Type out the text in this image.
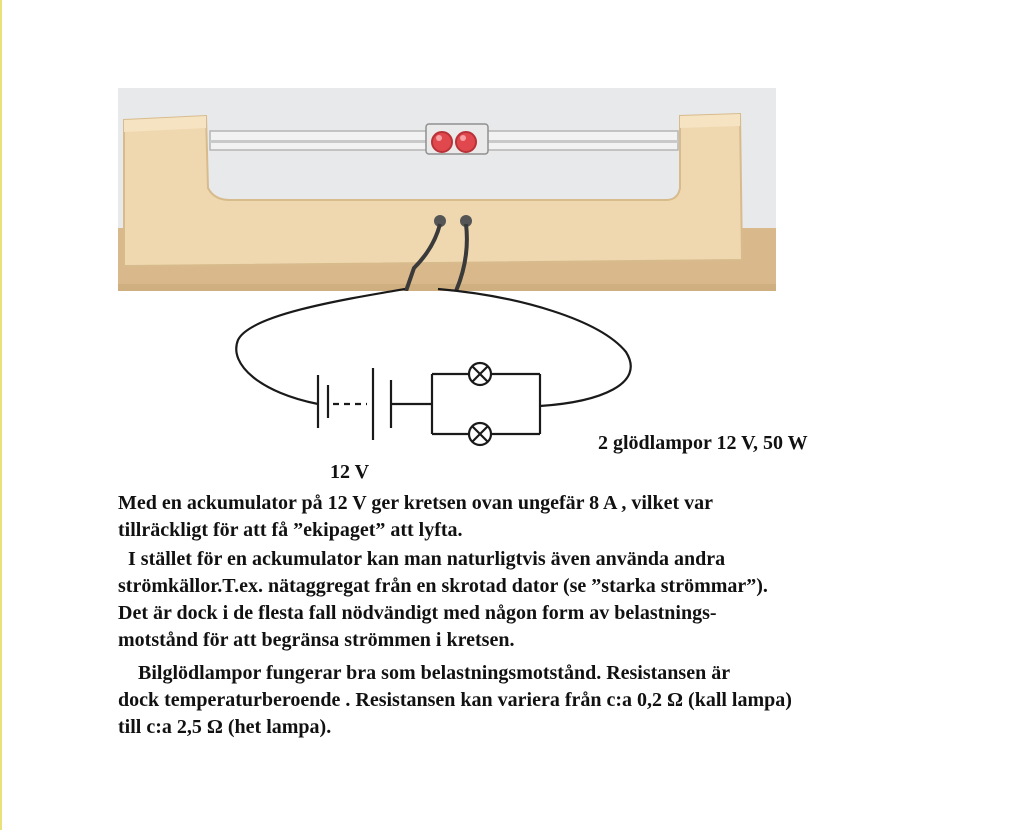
2 glödlampor 12 V, 50 W
12 V

Med en ackumulator på 12 V ger kretsen ovan ungefär 8 A , vilket var
tillräckligt för att få ”ekipaget” att lyfta.

I stället för en ackumulator kan man naturligtvis även använda andra
strömkällor.T.ex. nätaggregat från en skrotad dator (se ”starka strömmar”).
Det är dock i de flesta fall nödvändigt med någon form av belastnings-
motstånd för att begränsa strömmen i kretsen.

Bilglödlampor fungerar bra som belastningsmotstånd. Resistansen är
dock temperaturberoende . Resistansen kan variera från c:a 0,2 Ω (kall lampa)
till c:a 2,5 Ω (het lampa).
